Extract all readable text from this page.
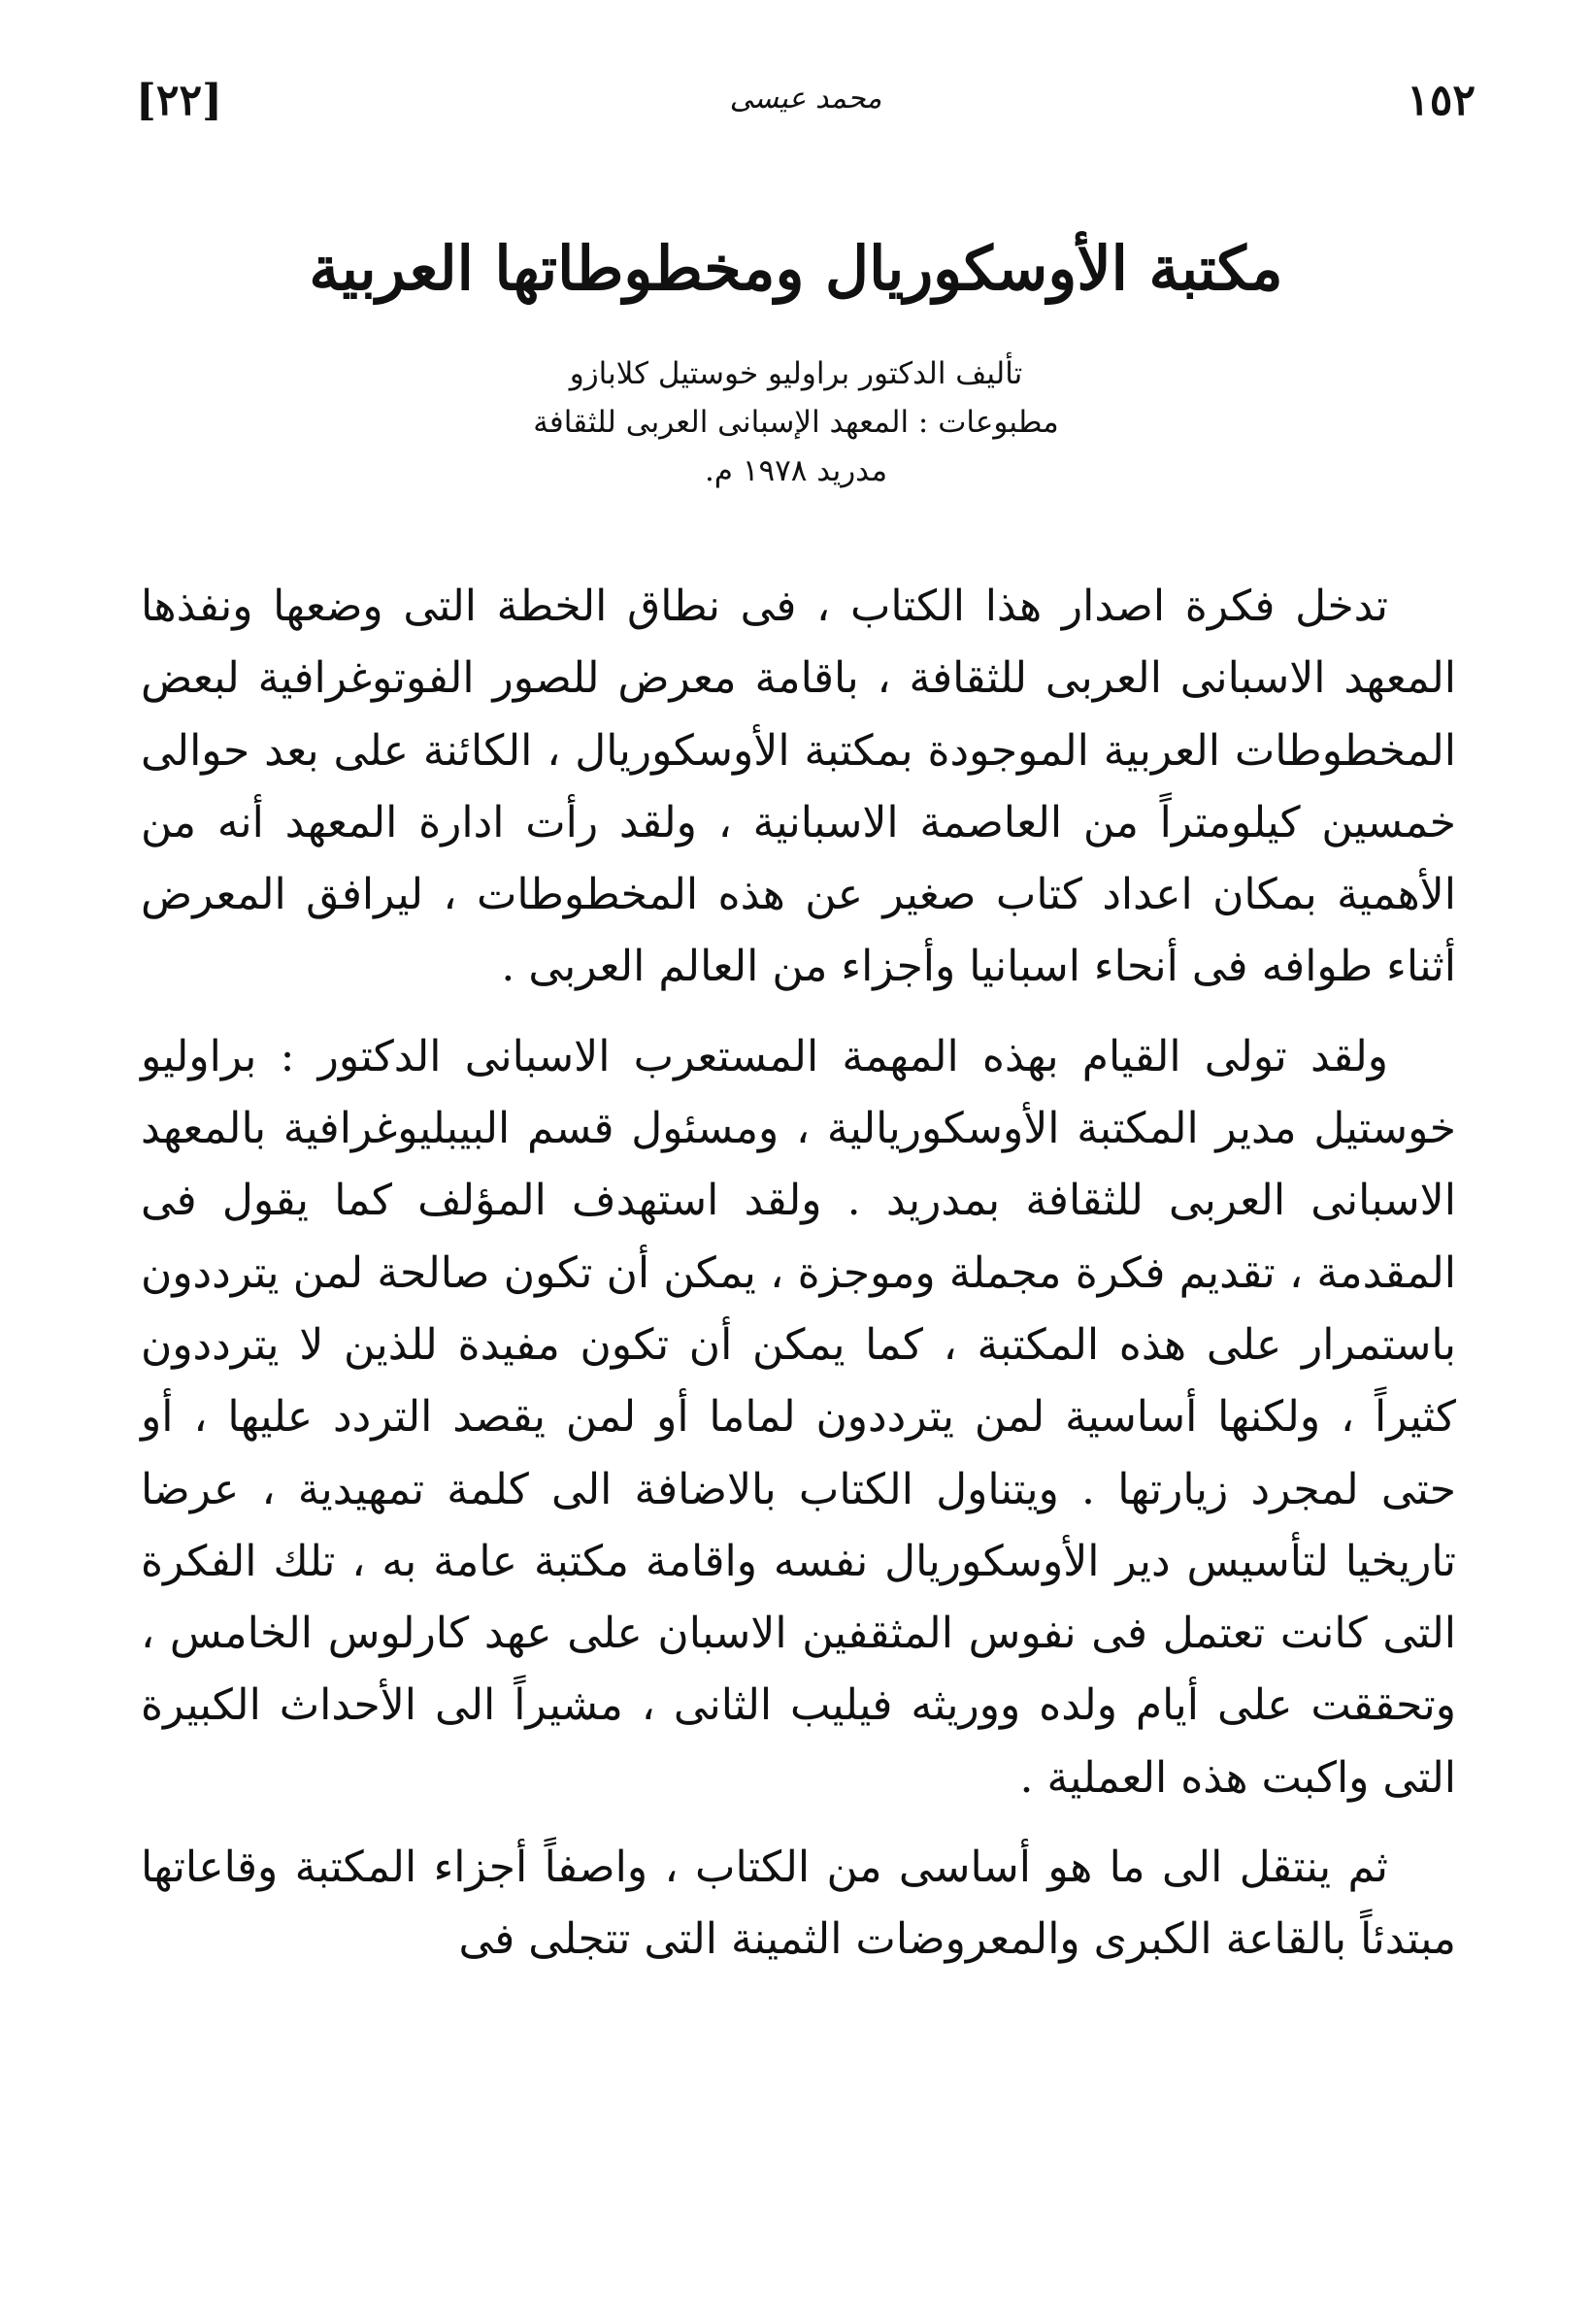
[٢٢]	محمد عيسى	١٥٢
مكتبة الأوسكوريال ومخطوطاتها العربية
تأليف الدكتور براوليو خوستيل كلابازو
مطبوعات : المعهد الإسبانى العربى للثقافة
مدريد ١٩٧٨ م.

تدخل فكرة اصدار هذا الكتاب ، فى نطاق الخطة التى وضعها ونفذها المعهد الاسبانى العربى للثقافة ، باقامة معرض للصور الفوتوغرافية لبعض المخطوطات العربية الموجودة بمكتبة الأوسكوريال ، الكائنة على بعد حوالى خمسين كيلومتراً من العاصمة الاسبانية ، ولقد رأت ادارة المعهد أنه من الأهمية بمكان اعداد كتاب صغير عن هذه المخطوطات ، ليرافق المعرض أثناء طوافه فى أنحاء اسبانيا وأجزاء من العالم العربى .

ولقد تولى القيام بهذه المهمة المستعرب الاسبانى الدكتور : براوليو خوستيل مدير المكتبة الأوسكوريالية ، ومسئول قسم البيبليوغرافية بالمعهد الاسبانى العربى للثقافة بمدريد . ولقد استهدف المؤلف كما يقول فى المقدمة ، تقديم فكرة مجملة وموجزة ، يمكن أن تكون صالحة لمن يترددون باستمرار على هذه المكتبة ، كما يمكن أن تكون مفيدة للذين لا يترددون كثيراً ، ولكنها أساسية لمن يترددون لماما أو لمن يقصد التردد عليها ، أو حتى لمجرد زيارتها . ويتناول الكتاب بالاضافة الى كلمة تمهيدية ، عرضا تاريخيا لتأسيس دير الأوسكوريال نفسه واقامة مكتبة عامة به ، تلك الفكرة التى كانت تعتمل فى نفوس المثقفين الاسبان على عهد كارلوس الخامس ، وتحققت على أيام ولده ووريثه فيليب الثانى ، مشيراً الى الأحداث الكبيرة التى واكبت هذه العملية .

ثم ينتقل الى ما هو أساسى من الكتاب ، واصفاً أجزاء المكتبة وقاعاتها مبتدئاً بالقاعة الكبرى والمعروضات الثمينة التى تتجلى فى
